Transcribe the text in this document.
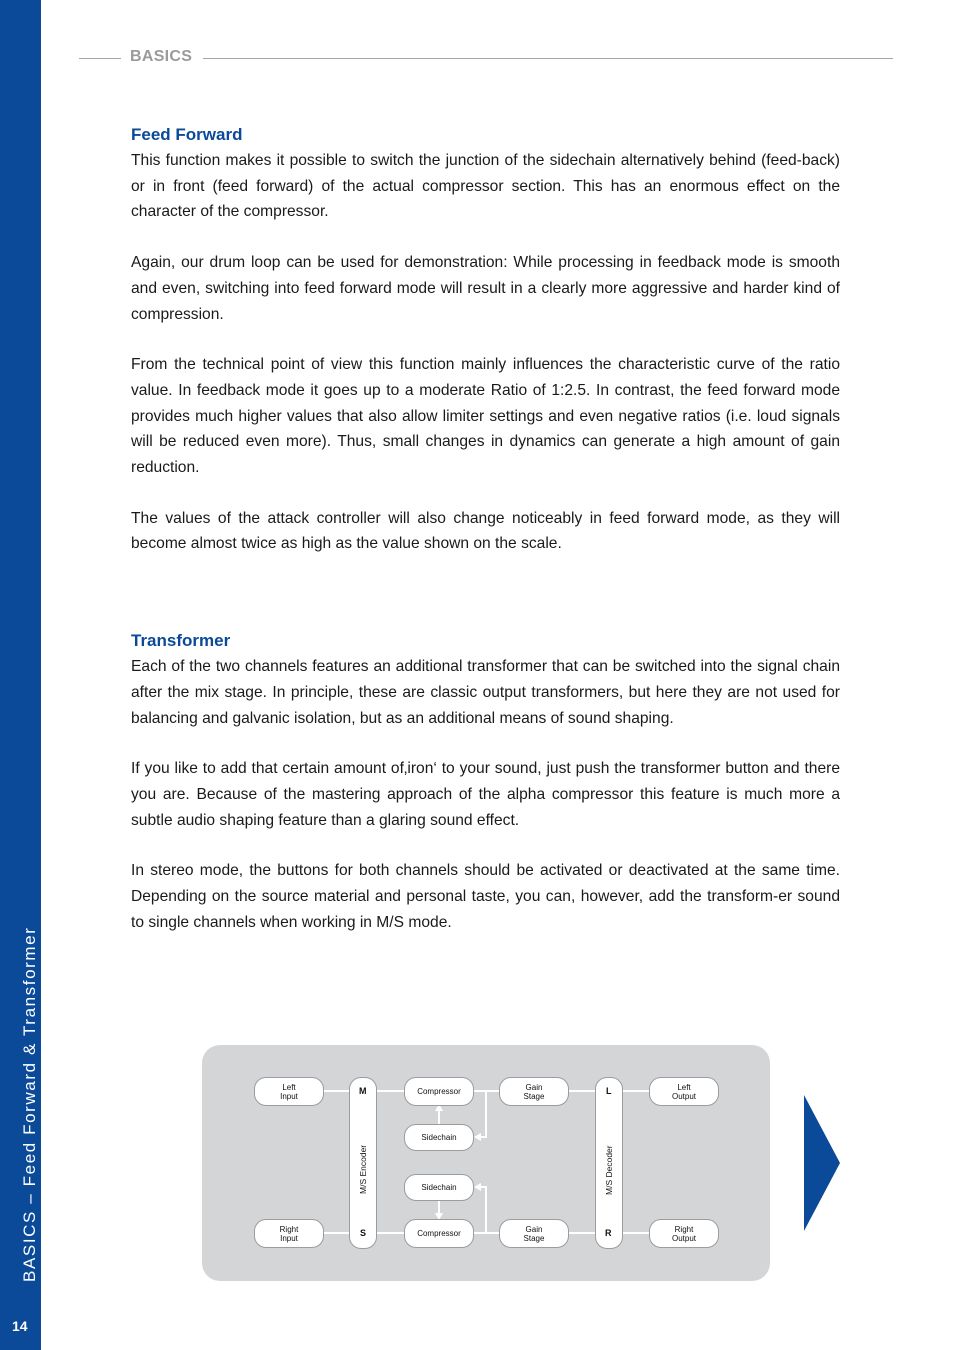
BASICS – Feed Forward & Transformer
14
BASICS
Feed Forward

This function makes it possible to switch the junction of the sidechain alternatively behind (feed-back) or in front (feed forward) of the actual compressor section. This has an enormous effect on the character of the compressor.

Again, our drum loop can be used for demonstration: While processing in feedback mode is smooth and even, switching into feed forward mode will result in a clearly more aggressive and harder kind of compression.

From the technical point of view this function mainly influences the characteristic curve of the ratio value. In feedback mode it goes up to a moderate Ratio of 1:2.5. In contrast, the feed forward mode provides much higher values that also allow limiter settings and even negative ratios (i.e. loud signals will be reduced even more). Thus, small changes in dynamics can generate a high amount of gain reduction.

The values of the attack controller will also change noticeably in feed forward mode, as they will become almost twice as high as the value shown on the scale.

Transformer

Each of the two channels features an additional transformer that can be switched into the signal chain after the mix stage. In principle, these are classic output transformers, but here they are not used for balancing and galvanic isolation, but as an additional means of sound shaping.

If you like to add that certain amount of‚iron‘ to your sound, just push the transformer button and there you are. Because of the mastering approach of the alpha compressor this feature is much more a subtle audio shaping feature than a glaring sound effect.

In stereo mode, the buttons for both channels should be activated or deactivated at the same time. Depending on the source material and personal taste, you can, however, add the transform-er sound to single channels when working in M/S mode.

Left
Input
Right
Input
M
S
M/S Encoder
Compressor
Sidechain
Sidechain
Compressor
Gain
Stage
Gain
Stage
L
R
M/S Decoder
Left
Output
Right
Output
